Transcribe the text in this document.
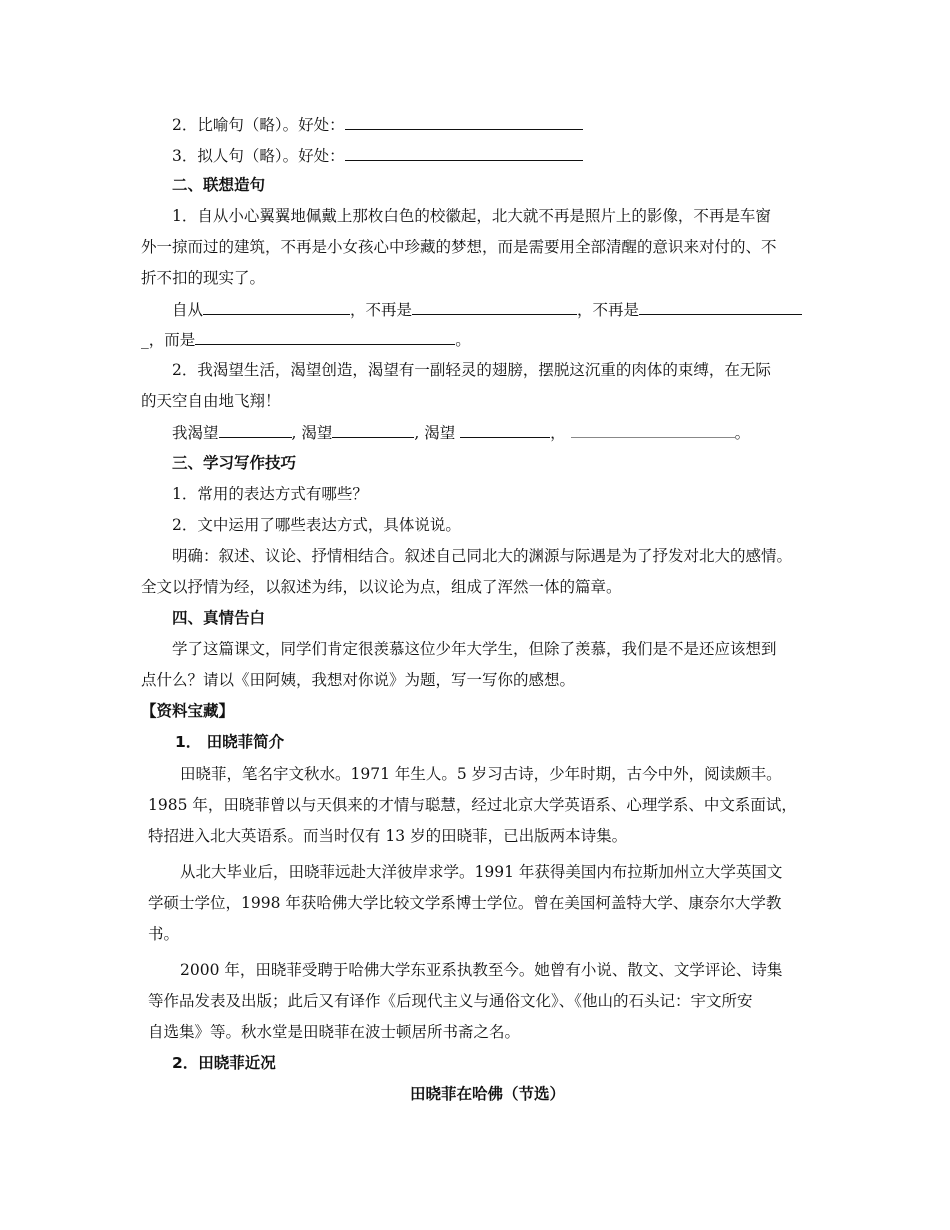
2．比喻句（略）。好处：
3．拟人句（略）。好处：
二、联想造句
1．自从小心翼翼地佩戴上那枚白色的校徽起，北大就不再是照片上的影像，不再是车窗
外一掠而过的建筑，不再是小女孩心中珍藏的梦想，而是需要用全部清醒的意识来对付的、不
折不扣的现实了。
自从	，不再是	，不再是
_，而是	。
2．我渴望生活，渴望创造，渴望有一副轻灵的翅膀，摆脱这沉重的肉体的束缚，在无际
的天空自由地飞翔！
我渴望	, 渴望	, 渴望	，	。
三、学习写作技巧
1．常用的表达方式有哪些？
2．文中运用了哪些表达方式，具体说说。
明确：叙述、议论、抒情相结合。叙述自己同北大的渊源与际遇是为了抒发对北大的感情。
全文以抒情为经，以叙述为纬，以议论为点，组成了浑然一体的篇章。
四、真情告白
学了这篇课文，同学们肯定很羡慕这位少年大学生，但除了羡慕，我们是不是还应该想到
点什么？请以《田阿姨，我想对你说》为题，写一写你的感想。
【资料宝藏】
1． 田晓菲简介
田晓菲，笔名宇文秋水。1971 年生人。5 岁习古诗，少年时期，古今中外，阅读颇丰。
1985 年，田晓菲曾以与天俱来的才情与聪慧，经过北京大学英语系、心理学系、中文系面试，
特招进入北大英语系。而当时仅有 13 岁的田晓菲，已出版两本诗集。
从北大毕业后，田晓菲远赴大洋彼岸求学。1991 年获得美国内布拉斯加州立大学英国文
学硕士学位，1998 年获哈佛大学比较文学系博士学位。曾在美国柯盖特大学、康奈尔大学教
书。
2000 年，田晓菲受聘于哈佛大学东亚系执教至今。她曾有小说、散文、文学评论、诗集
等作品发表及出版；此后又有译作《后现代主义与通俗文化》、《他山的石头记：宇文所安
自选集》等。秋水堂是田晓菲在波士顿居所书斋之名。
2．田晓菲近况
田晓菲在哈佛（节选）
